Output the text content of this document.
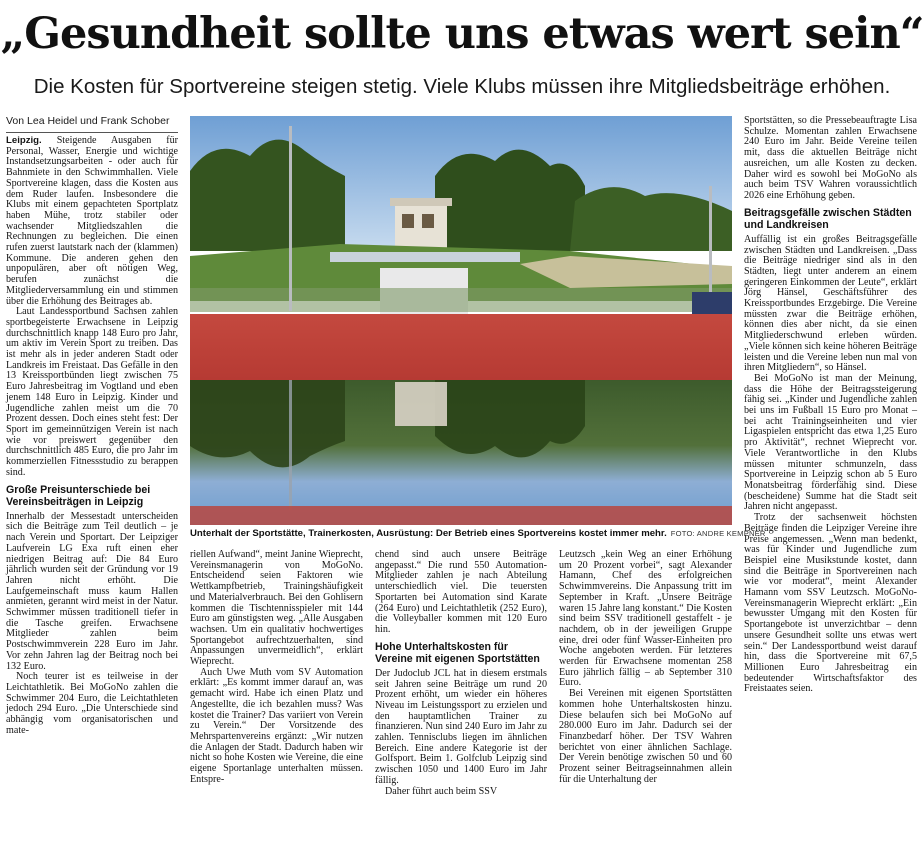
„Gesundheit sollte uns etwas wert sein“
Die Kosten für Sportvereine steigen stetig. Viele Klubs müssen ihre Mitgliedsbeiträge erhöhen.
Von Lea Heidel und Frank Schober

Leipzig. Steigende Ausgaben für Personal, Wasser, Energie und wichtige Instandsetzungsarbeiten - oder auch für Bahnmiete in den Schwimmhallen. Viele Sportvereine klagen, dass die Kosten aus dem Ruder laufen. Insbesondere die Klubs mit einem gepachteten Sportplatz haben Mühe, trotz stabiler oder wachsender Mitgliedszahlen die Rechnungen zu begleichen. Die einen rufen zuerst lautstark nach der (klammen) Kommune. Die anderen gehen den unpopulären, aber oft nötigen Weg, berufen zunächst die Mitgliederversammlung ein und stimmen über die Erhöhung des Beitrages ab.

Laut Landessportbund Sachsen zahlen sportbegeisterte Erwachsene in Leipzig durchschnittlich knapp 148 Euro pro Jahr, um aktiv im Verein Sport zu treiben. Das ist mehr als in jeder anderen Stadt oder Landkreis im Freistaat. Das Gefälle in den 13 Kreissportbünden liegt zwischen 75 Euro Jahresbeitrag im Vogtland und eben jenem 148 Euro in Leipzig. Kinder und Jugendliche zahlen meist um die 70 Prozent dessen. Doch eines steht fest: Der Sport im gemeinnützigen Verein ist nach wie vor preiswert gegenüber den durchschnittlich 485 Euro, die pro Jahr im kommerziellen Fitnessstudio zu berappen sind.

Große Preisunterschiede bei Vereinsbeiträgen in Leipzig

Innerhalb der Messestadt unterscheiden sich die Beiträge zum Teil deutlich – je nach Verein und Sportart. Der Leipziger Laufverein LG Exa ruft einen eher niedrigen Beitrag auf: Die 84 Euro jährlich wurden seit der Gründung vor 19 Jahren nicht erhöht. Die Laufgemeinschaft muss kaum Hallen anmieten, gerannt wird meist in der Natur. Schwimmer müssen traditionell tiefer in die Tasche greifen. Erwachsene Mitglieder zahlen beim Postschwimmverein 228 Euro im Jahr. Vor zehn Jahren lag der Beitrag noch bei 132 Euro.

Noch teurer ist es teilweise in der Leichtathletik. Bei MoGoNo zahlen die Schwimmer 204 Euro, die Leichtathleten jedoch 294 Euro. „Die Unterschiede sind abhängig vom organisatorischen und mate-

Unterhalt der Sportstätte, Trainerkosten, Ausrüstung: Der Betrieb eines Sportvereins kostet immer mehr. FOTO: ANDRE KEMPNER

riellen Aufwand“, meint Janine Wieprecht, Vereinsmanagerin von MoGoNo. Entscheidend seien Faktoren wie Wettkampfbetrieb, Trainingshäufigkeit und Materialverbrauch. Bei den Gohlisern kommen die Tischtennisspieler mit 144 Euro am günstigsten weg. „Alle Ausgaben wachsen. Um ein qualitativ hochwertiges Sportangebot aufrechtzuerhalten, sind Anpassungen unvermeidlich“, erklärt Wieprecht.

Auch Uwe Muth vom SV Automation erklärt: „Es kommt immer darauf an, was gemacht wird. Habe ich einen Platz und Angestellte, die ich bezahlen muss? Was kostet die Trainer? Das variiert von Verein zu Verein.“ Der Vorsitzende des Mehrspartenvereins ergänzt: „Wir nutzen die Anlagen der Stadt. Dadurch haben wir nicht so hohe Kosten wie Vereine, die eine eigene Sportanlage unterhalten müssen. Entspre-

chend sind auch unsere Beiträge angepasst.“ Die rund 550 Automation-Mitglieder zahlen je nach Abteilung unterschiedlich viel. Die teuersten Sportarten bei Automation sind Karate (264 Euro) und Leichtathletik (252 Euro), die Volleyballer kommen mit 120 Euro hin.

Hohe Unterhaltskosten für Vereine mit eigenen Sportstätten

Der Judoclub JCL hat in diesem erstmals seit Jahren seine Beiträge um rund 20 Prozent erhöht, um wieder ein höheres Niveau im Leistungssport zu erzielen und den hauptamtlichen Trainer zu finanzieren. Nun sind 240 Euro im Jahr zu zahlen. Tennisclubs liegen im ähnlichen Bereich. Eine andere Kategorie ist der Golfsport. Beim 1. Golfclub Leipzig sind zwischen 1050 und 1400 Euro im Jahr fällig.

Daher führt auch beim SSV

Leutzsch „kein Weg an einer Erhöhung um 20 Prozent vorbei“, sagt Alexander Hamann, Chef des erfolgreichen Schwimmvereins. Die Anpassung tritt im September in Kraft. „Unsere Beiträge waren 15 Jahre lang konstant.“ Die Kosten sind beim SSV traditionell gestaffelt - je nachdem, ob in der jeweiligen Gruppe eine, drei oder fünf Wasser-Einheiten pro Woche angeboten werden. Für letzteres werden für Erwachsene momentan 258 Euro jährlich fällig – ab September 310 Euro.

Bei Vereinen mit eigenen Sportstätten kommen hohe Unterhaltskosten hinzu. Diese belaufen sich bei MoGoNo auf 280.000 Euro im Jahr. Dadurch sei der Finanzbedarf höher. Der TSV Wahren berichtet von einer ähnlichen Sachlage. Der Verein benötige zwischen 50 und 60 Prozent seiner Beitragseinnahmen allein für die Unterhaltung der

Sportstätten, so die Pressebeauftragte Lisa Schulze. Momentan zahlen Erwachsene 240 Euro im Jahr. Beide Vereine teilen mit, dass die aktuellen Beiträge nicht ausreichen, um alle Kosten zu decken. Daher wird es sowohl bei MoGoNo als auch beim TSV Wahren voraussichtlich 2026 eine Erhöhung geben.

Beitragsgefälle zwischen Städten und Landkreisen

Auffällig ist ein großes Beitragsgefälle zwischen Städten und Landkreisen. „Dass die Beiträge niedriger sind als in den Städten, liegt unter anderem an einem geringeren Einkommen der Leute“, erklärt Jörg Hänsel, Geschäftsführer des Kreissportbundes Erzgebirge. Die Vereine müssten zwar die Beiträge erhöhen, können dies aber nicht, da sie einen Mitgliederschwund erleben würden. „Viele können sich keine höheren Beiträge leisten und die Vereine leben nun mal von ihren Mitgliedern“, so Hänsel.

Bei MoGoNo ist man der Meinung, dass die Höhe der Beitragssteigerung fähig sei. „Kinder und Jugendliche zahlen bei uns im Fußball 15 Euro pro Monat – bei acht Trainingseinheiten und vier Ligaspielen entspricht das etwa 1,25 Euro pro Aktivität“, rechnet Wieprecht vor. Viele Verantwortliche in den Klubs müssen mitunter schmunzeln, dass Sportvereine in Leipzig schon ab 5 Euro Monatsbeitrag förderfähig sind. Diese (bescheidene) Summe hat die Stadt seit Jahren nicht angepasst.

Trotz der sachsenweit höchsten Beiträge finden die Leipziger Vereine ihre Preise angemessen. „Wenn man bedenkt, was für Kinder und Jugendliche zum Beispiel eine Musikstunde kostet, dann sind die Beiträge in Sportvereinen nach wie vor moderat“, meint Alexander Hamann vom SSV Leutzsch. MoGoNo-Vereinsmanagerin Wieprecht erklärt: „Ein bewusster Umgang mit den Kosten für Sportangebote ist unverzichtbar – denn unsere Gesundheit sollte uns etwas wert sein.“ Der Landessportbund weist darauf hin, dass die Sportvereine mit 67,5 Millionen Euro Jahresbeitrag ein bedeutender Wirtschaftsfaktor des Freistaates seien.
